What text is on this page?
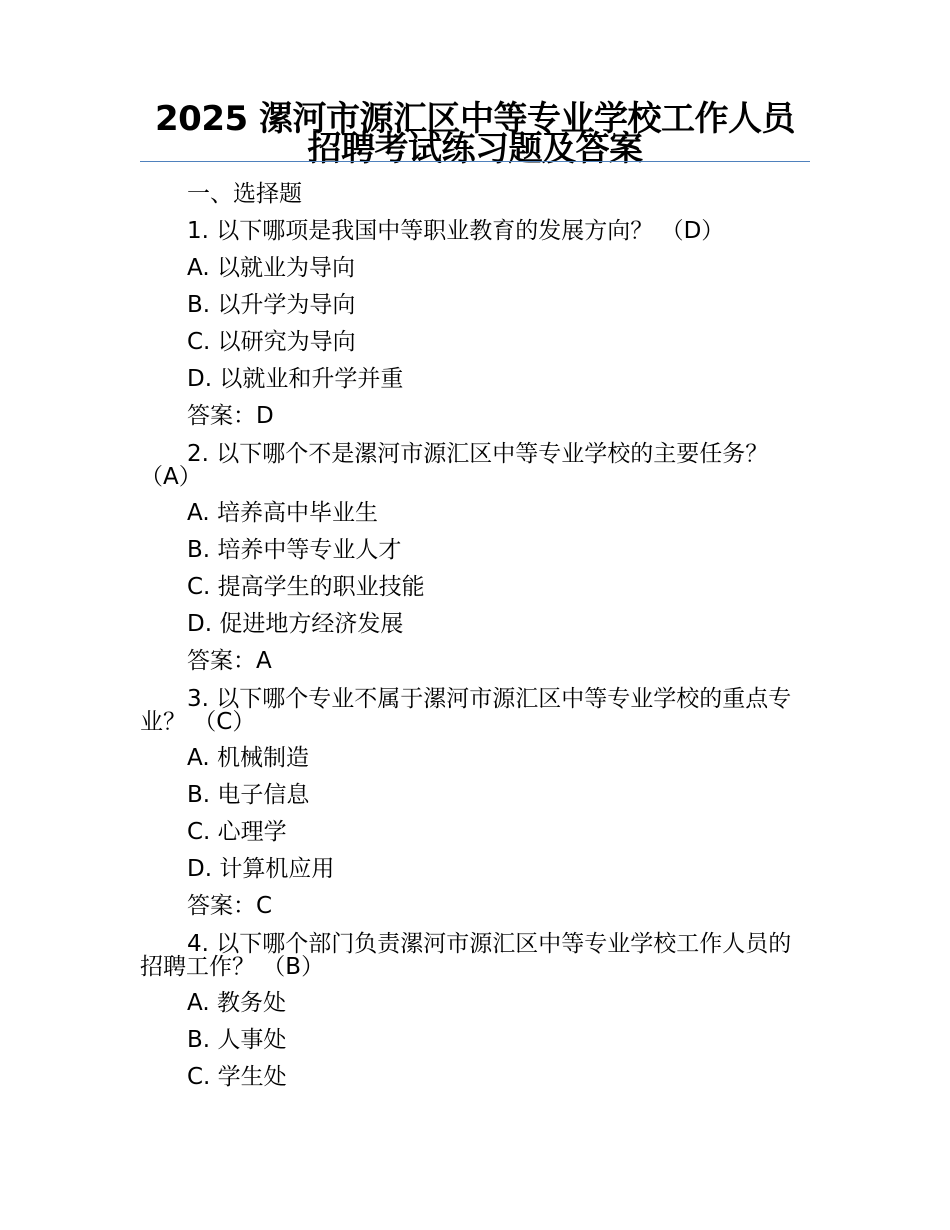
2025 漯河市源汇区中等专业学校工作人员招聘考试练习题及答案
一、选择题
1. 以下哪项是我国中等职业教育的发展方向？ （D）
A. 以就业为导向
B. 以升学为导向
C. 以研究为导向
D. 以就业和升学并重
答案：D
2. 以下哪个不是漯河市源汇区中等专业学校的主要任务？ （A）
A. 培养高中毕业生
B. 培养中等专业人才
C. 提高学生的职业技能
D. 促进地方经济发展
答案：A
3. 以下哪个专业不属于漯河市源汇区中等专业学校的重点专业？ （C）
A. 机械制造
B. 电子信息
C. 心理学
D. 计算机应用
答案：C
4. 以下哪个部门负责漯河市源汇区中等专业学校工作人员的招聘工作？ （B）
A. 教务处
B. 人事处
C. 学生处
